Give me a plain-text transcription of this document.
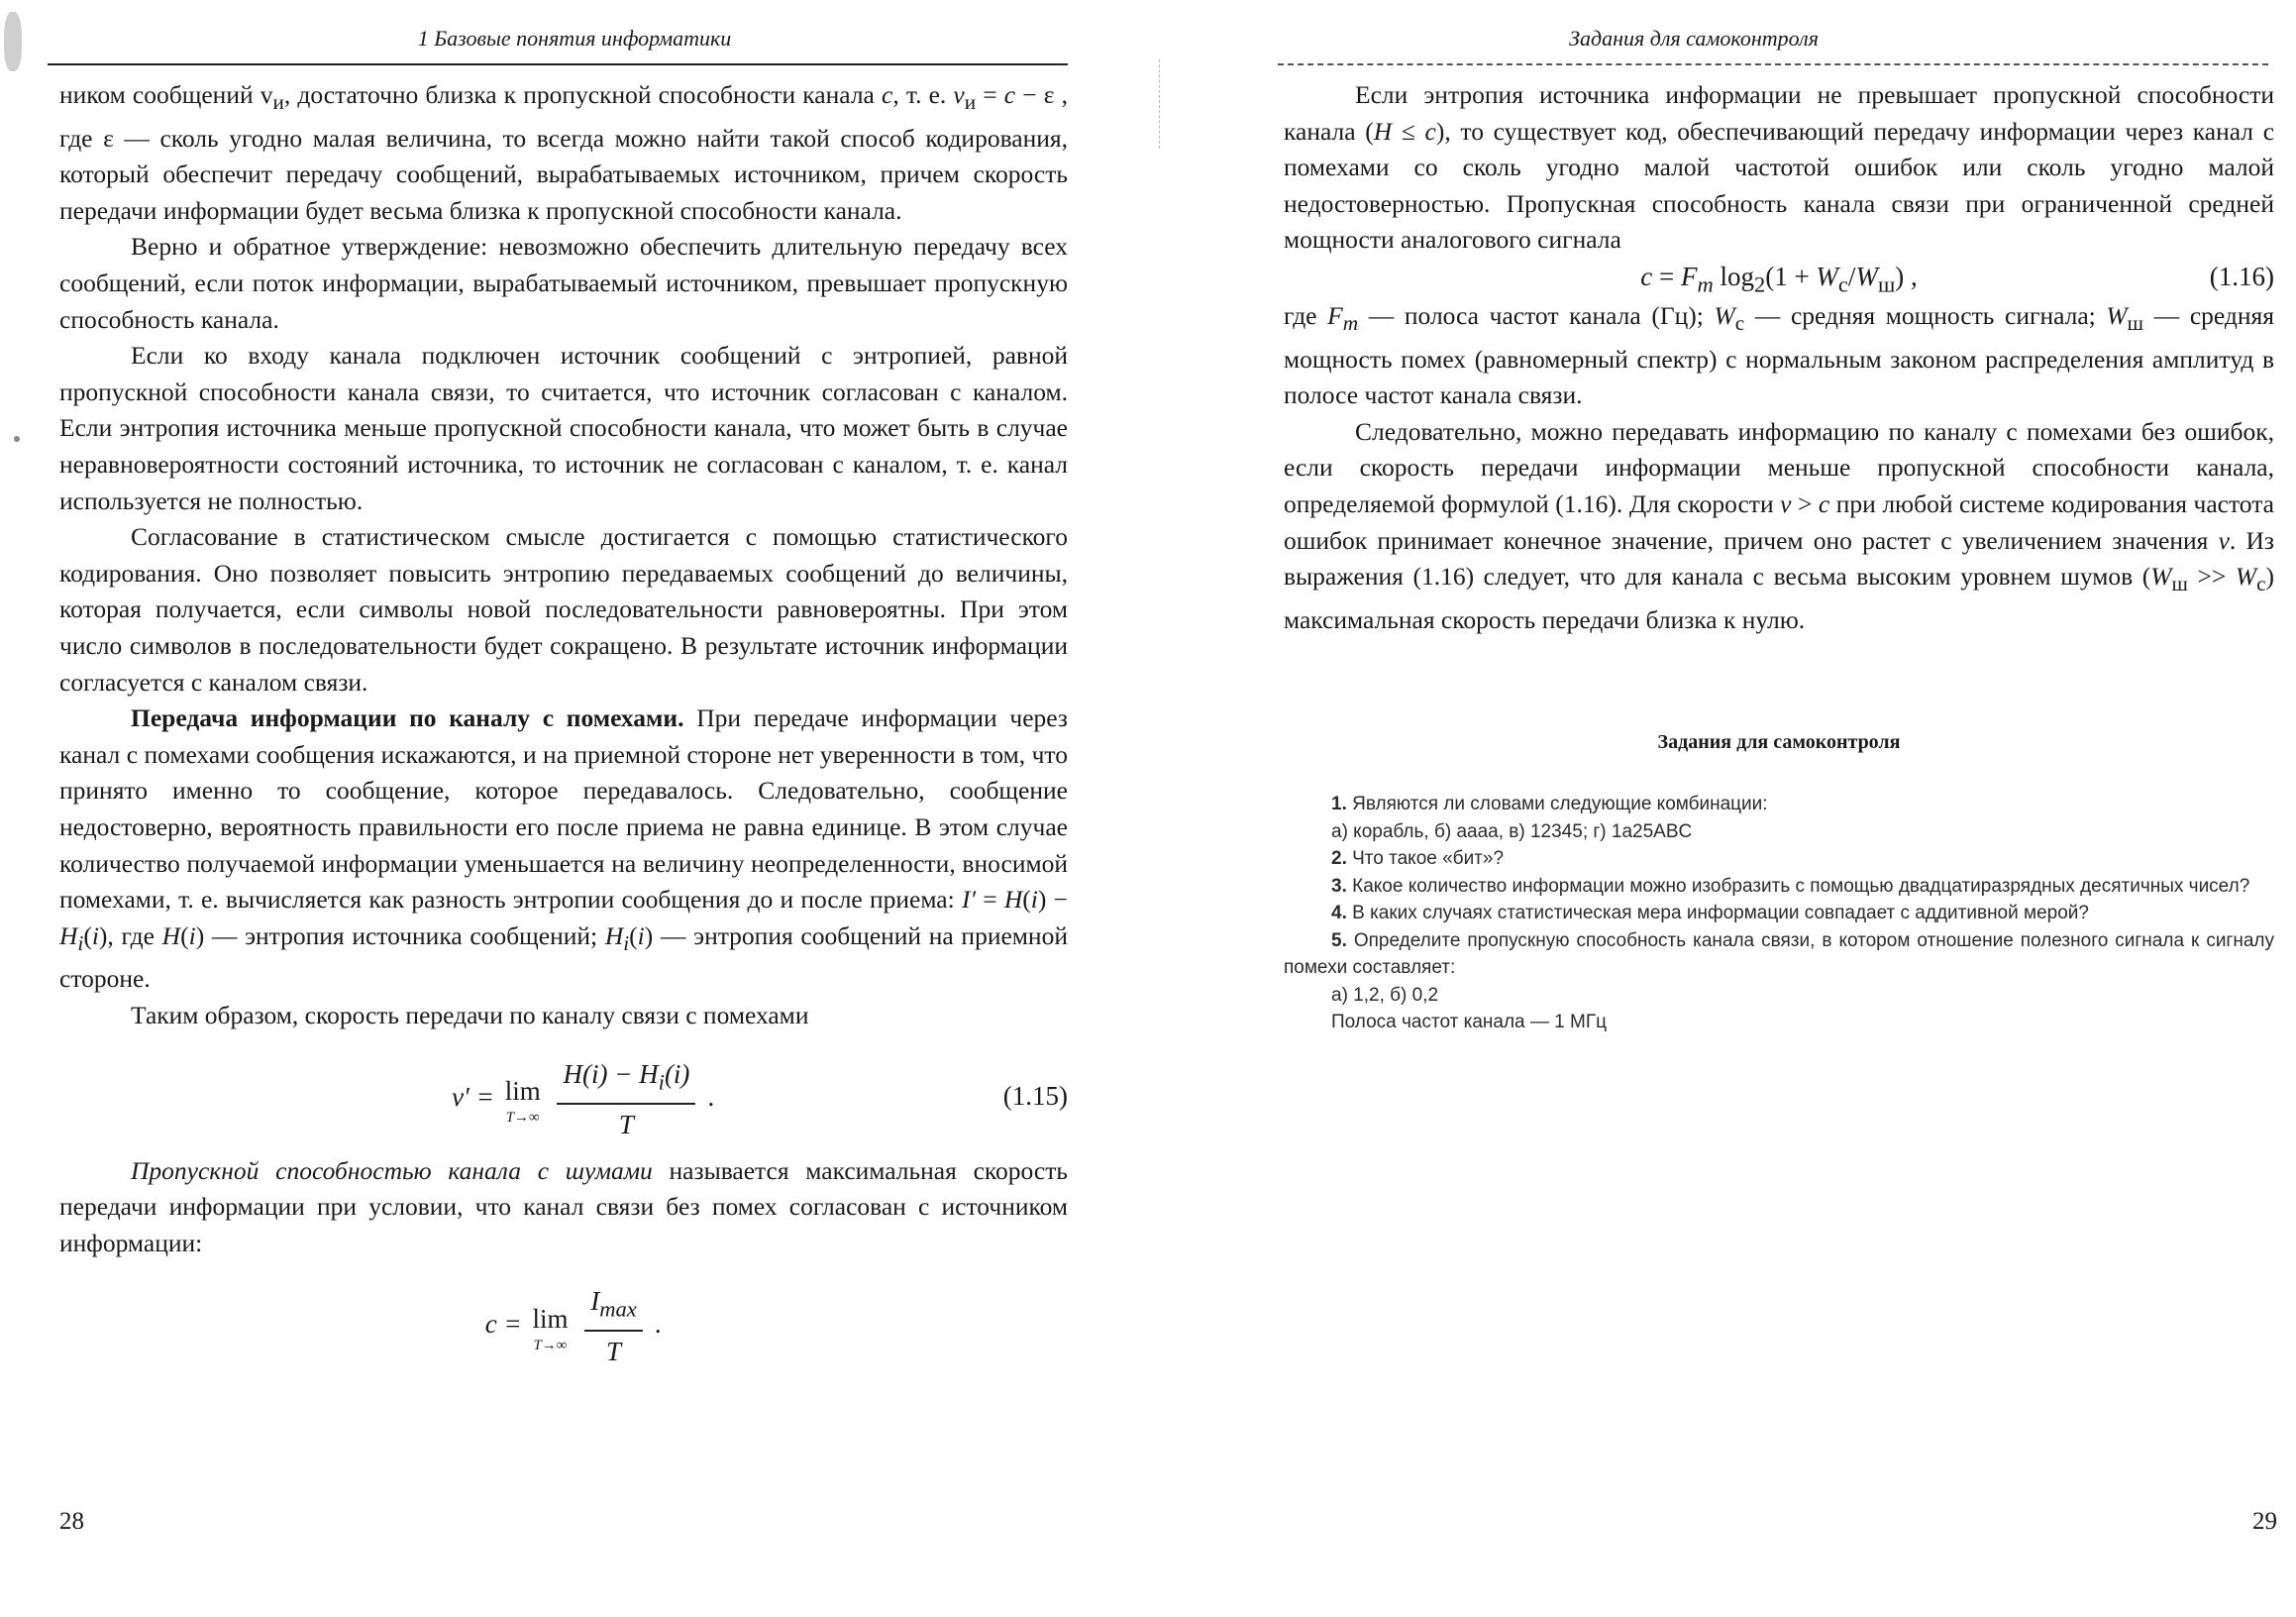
1 Базовые понятия информатики

ником сообщений $v_и$, достаточно близка к пропускной способности канала c, т. е. $v_и = c - \varepsilon$ , где ε — сколь угодно малая величина, то всегда можно найти такой способ кодирования, который обеспечит передачу сообщений, вырабатываемых источником, причем скорость передачи информации будет весьма близка к пропускной способности канала.

Верно и обратное утверждение: невозможно обеспечить длительную передачу всех сообщений, если поток информации, вырабатываемый источником, превышает пропускную способность канала.

Если ко входу канала подключен источник сообщений с энтропией, равной пропускной способности канала связи, то считается, что источник согласован с каналом. Если энтропия источника меньше пропускной способности канала, что может быть в случае неравновероятности состояний источника, то источник не согласован с каналом, т. е. канал используется не полностью.

Согласование в статистическом смысле достигается с помощью статистического кодирования. Оно позволяет повысить энтропию передаваемых сообщений до величины, которая получается, если символы новой последовательности равновероятны. При этом число символов в последовательности будет сокращено. В результате источник информации согласуется с каналом связи.

Передача информации по каналу с помехами. При передаче информации через канал с помехами сообщения искажаются, и на приемной стороне нет уверенности в том, что принято именно то сообщение, которое передавалось. Следовательно, сообщение недостоверно, вероятность правильности его после приема не равна единице. В этом случае количество получаемой информации уменьшается на величину неопределенности, вносимой помехами, т. е. вычисляется как разность энтропии сообщения до и после приема: $I' = H(i) - H_i(i)$, где H(i) — энтропия источника сообщений; $H_i(i)$ — энтропия сообщений на приемной стороне.

Таким образом, скорость передачи по каналу связи с помехами

v′ = lim
T→∞
$\frac{H(i) - H_i(i)}{T}$ .	(1.15)

Пропускной способностью канала с шумами называется максимальная скорость передачи информации при условии, что канал связи без помех согласован с источником информации:

c = lim
T→∞
$\frac{I_{max}}{T}$ .
28
Задания для самоконтроля

Если энтропия источника информации не превышает пропускной способности канала (H ≤ c), то существует код, обеспечивающий передачу информации через канал с помехами со сколь угодно малой частотой ошибок или сколь угодно малой недостоверностью. Пропускная способность канала связи при ограниченной средней мощности аналогового сигнала

$c = F_m$ $\log_2(1 + W_с/W_ш)$ ,	(1.16)

где $F_m$ — полоса частот канала (Гц); $W_с$ — средняя мощность сигнала; $W_ш$ — средняя мощность помех (равномерный спектр) с нормальным законом распределения амплитуд в полосе частот канала связи.

Следовательно, можно передавать информацию по каналу с помехами без ошибок, если скорость передачи информации меньше пропускной способности канала, определяемой формулой (1.16). Для скорости v > c при любой системе кодирования частота ошибок принимает конечное значение, причем оно растет с увеличением значения v. Из выражения (1.16) следует, что для канала с весьма высоким уровнем шумов $(W_ш >> W_с)$ максимальная скорость передачи близка к нулю.

Задания для самоконтроля

1. Являются ли словами следующие комбинации:

а) корабль, б) аааа, в) 12345; г) 1а25ABC

2. Что такое «бит»?

3. Какое количество информации можно изобразить с помощью двадцатиразрядных десятичных чисел?

4. В каких случаях статистическая мера информации совпадает с аддитивной мерой?

5. Определите пропускную способность канала связи, в котором отношение полезного сигнала к сигналу помехи составляет:

а) 1,2, б) 0,2

Полоса частот канала — 1 МГц

29
